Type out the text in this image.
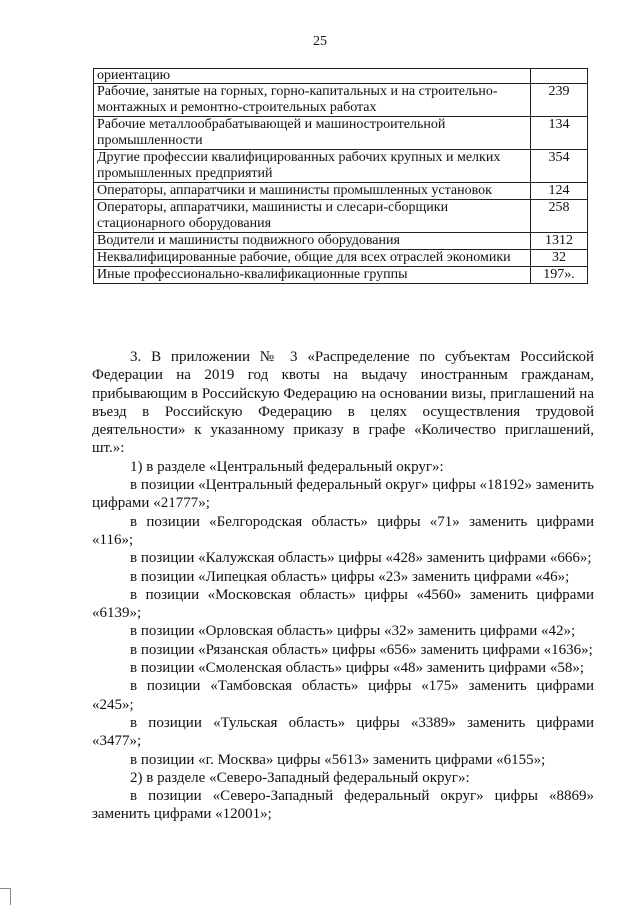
25
ориентацию	
Рабочие, занятые на горных, горно-капитальных и на строительно-монтажных и ремонтно-строительных работах	239
Рабочие металлообрабатывающей и машиностроительной промышленности	134
Другие профессии квалифицированных рабочих крупных и мелких промышленных предприятий	354
Операторы, аппаратчики и машинисты промышленных установок	124
Операторы, аппаратчики, машинисты и слесари-сборщики стационарного оборудования	258
Водители и машинисты подвижного оборудования	1312
Неквалифицированные рабочие, общие для всех отраслей экономики	32
Иные профессионально-квалификационные группы	197».

3. В приложении № 3 «Распределение по субъектам Российской Федерации на 2019 год квоты на выдачу иностранным гражданам, прибывающим в Российскую Федерацию на основании визы, приглашений на въезд в Российскую Федерацию в целях осуществления трудовой деятельности» к указанному приказу в графе «Количество приглашений, шт.»:

1) в разделе «Центральный федеральный округ»:

в позиции «Центральный федеральный округ» цифры «18192» заменить цифрами «21777»;

в позиции «Белгородская область» цифры «71» заменить цифрами «116»;

в позиции «Калужская область» цифры «428» заменить цифрами «666»;

в позиции «Липецкая область» цифры «23» заменить цифрами «46»;

в позиции «Московская область» цифры «4560» заменить цифрами «6139»;

в позиции «Орловская область» цифры «32» заменить цифрами «42»;

в позиции «Рязанская область» цифры «656» заменить цифрами «1636»;

в позиции «Смоленская область» цифры «48» заменить цифрами «58»;

в позиции «Тамбовская область» цифры «175» заменить цифрами «245»;

в позиции «Тульская область» цифры «3389» заменить цифрами «3477»;

в позиции «г. Москва» цифры «5613» заменить цифрами «6155»;

2) в разделе «Северо-Западный федеральный округ»:

в позиции «Северо-Западный федеральный округ» цифры «8869» заменить цифрами «12001»;
